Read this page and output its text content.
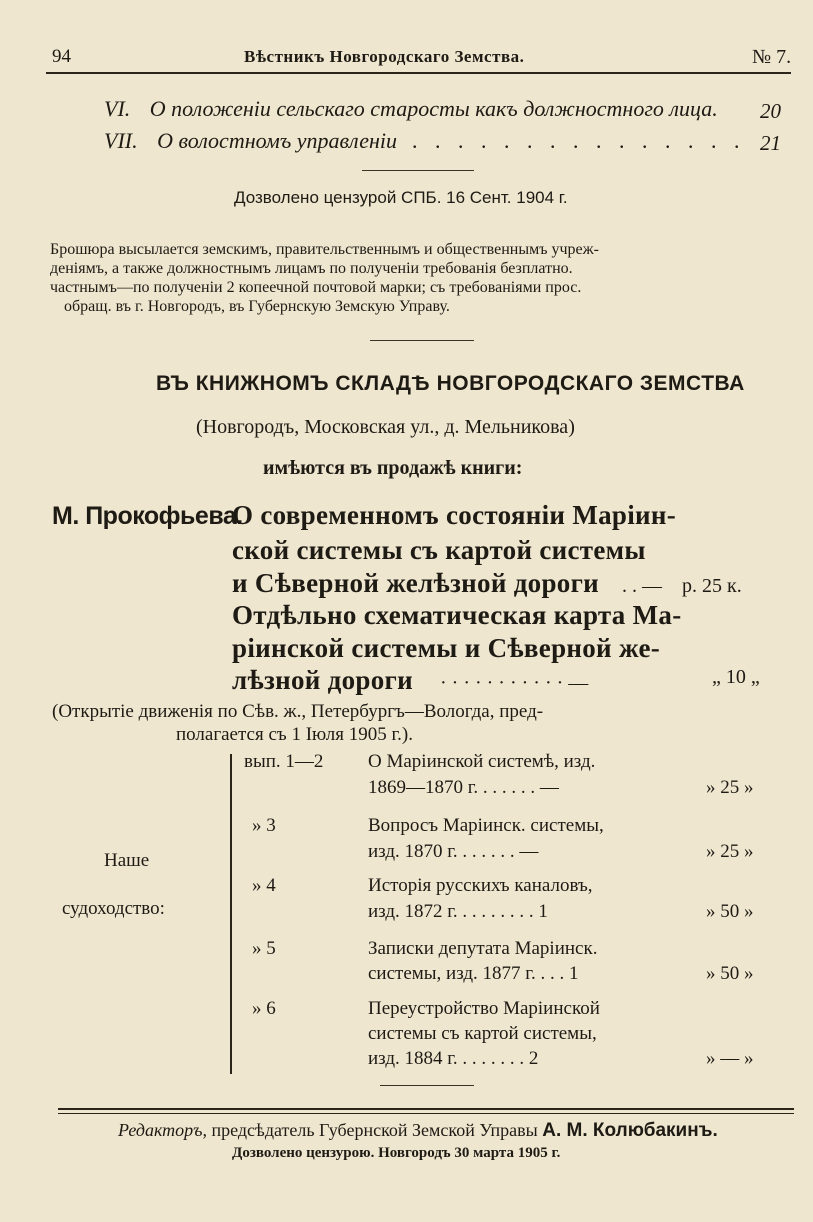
94	Вѣстникъ Новгородскаго Земства.	№ 7.
VI. О положеніи сельскаго старосты какъ должностного лица. 20
VII. О волостномъ управленіи . . . . . . . . . . . . . . . 21
Дозволено цензурой СПБ. 16 Сент. 1904 г.
Брошюра высылается земскимъ, правительственнымъ и общественнымъ учреж-
деніямъ, а также должностнымъ лицамъ по полученіи требованія безплатно.
частнымъ—по полученіи 2 копеечной почтовой марки; съ требованіями прос.
обращ. въ г. Новгородъ, въ Губернскую Земскую Управу.
ВЪ КНИЖНОМЪ СКЛАДѢ НОВГОРОДСКАГО ЗЕМСТВА
(Новгородъ, Московская ул., д. Мельникова)
имѣются въ продажѣ книги:
М. Прокофьева.
О современномъ состояніи Маріин-
ской системы съ картой системы
и Сѣверной желѣзной дороги . . — р. 25 к.
Отдѣльно схематическая карта Ма-
ріинской системы и Сѣверной же-
лѣзной дороги · · · · · · · · · · · —	„ 10 „
(Открытіе движенія по Сѣв. ж., Петербургъ—Вологда, пред-
полагается съ 1 Іюля 1905 г.).
Наше
судоходство:
вып. 1—2 О Маріинской системѣ, изд.
1869—1870 г. . . . . . . —	» 25 »
» 3	Вопросъ Маріинск. системы,
изд. 1870 г. . . . . . . —	» 25 »
» 4	Исторія русскихъ каналовъ,
изд. 1872 г. . . . . . . . . 1	» 50 »
» 5	Записки депутата Маріинск.
системы, изд. 1877 г. . . . 1	» 50 »
» 6	Переустройство Маріинской
системы съ картой системы,
изд. 1884 г. . . . . . . . 2	» — »
Редакторъ, предсѣдатель Губернской Земской Управы А. М. Колюбакинъ.
Дозволено цензурою. Новгородъ 30 марта 1905 г.
